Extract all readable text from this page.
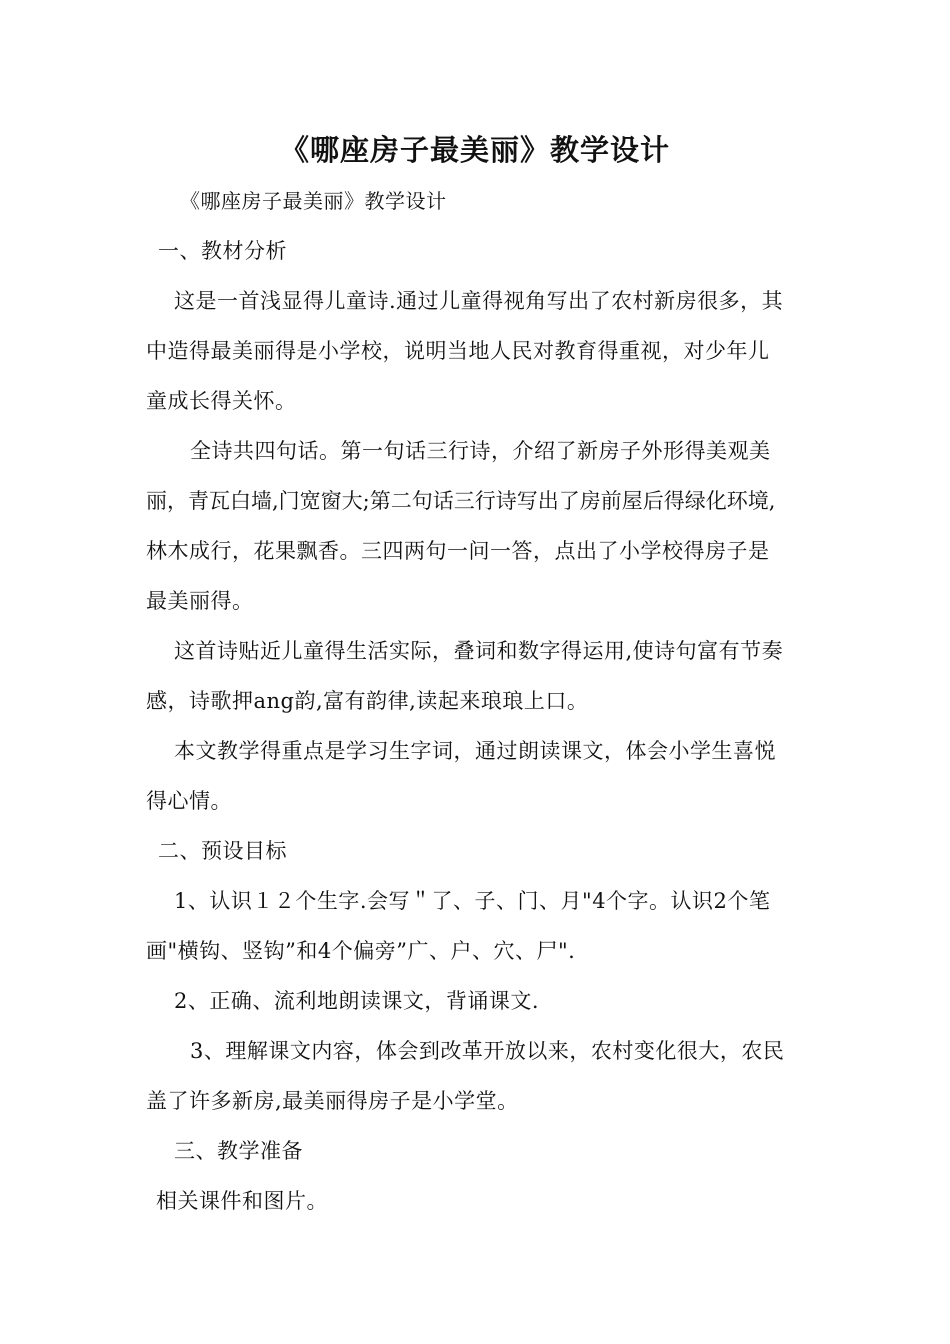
《哪座房子最美丽》教学设计
《哪座房子最美丽》教学设计
一、教材分析
这是一首浅显得儿童诗.通过儿童得视角写出了农村新房很多，其
中造得最美丽得是小学校，说明当地人民对教育得重视，对少年儿
童成长得关怀。
全诗共四句话。第一句话三行诗，介绍了新房子外形得美观美
丽，青瓦白墙,门宽窗大;第二句话三行诗写出了房前屋后得绿化环境,
林木成行，花果飘香。三四两句一问一答，点出了小学校得房子是
最美丽得。
这首诗贴近儿童得生活实际，叠词和数字得运用,使诗句富有节奏
感，诗歌押ang韵,富有韵律,读起来琅琅上口。
本文教学得重点是学习生字词，通过朗读课文，体会小学生喜悦
得心情。
二、预设目标
1、认识１２个生字.会写＂了、子、门、月"4个字。认识2个笔
画"横钩、竖钩”和4个偏旁”广、户、穴、尸".
2、正确、流利地朗读课文，背诵课文.
3、理解课文内容，体会到改革开放以来，农村变化很大，农民
盖了许多新房,最美丽得房子是小学堂。
三、教学准备
相关课件和图片。
